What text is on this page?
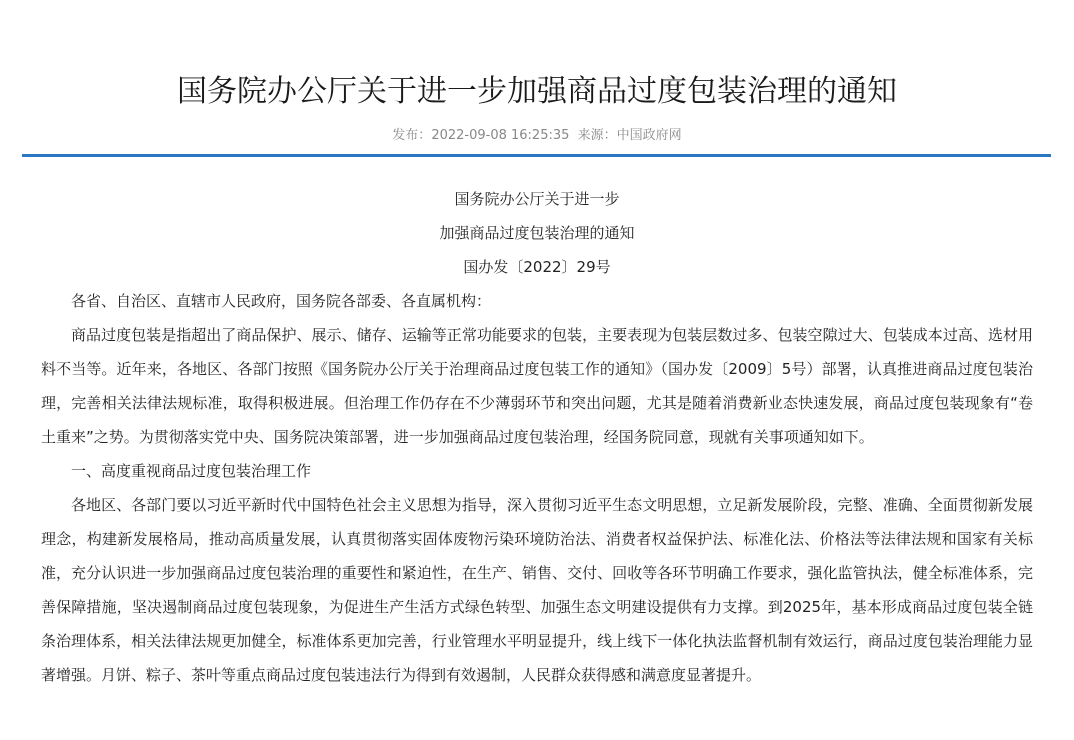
国务院办公厅关于进一步加强商品过度包装治理的通知
发布：2022-09-08 16:25:35 来源：中国政府网

国务院办公厅关于进一步

加强商品过度包装治理的通知

国办发〔2022〕29号

各省、自治区、直辖市人民政府，国务院各部委、各直属机构：

商品过度包装是指超出了商品保护、展示、储存、运输等正常功能要求的包装，主要表现为包装层数过多、包装空隙过大、包装成本过高、选材用料不当等。近年来，各地区、各部门按照《国务院办公厅关于治理商品过度包装工作的通知》（国办发〔2009〕5号）部署，认真推进商品过度包装治理，完善相关法律法规标准，取得积极进展。但治理工作仍存在不少薄弱环节和突出问题，尤其是随着消费新业态快速发展，商品过度包装现象有“卷土重来”之势。为贯彻落实党中央、国务院决策部署，进一步加强商品过度包装治理，经国务院同意，现就有关事项通知如下。

一、高度重视商品过度包装治理工作

各地区、各部门要以习近平新时代中国特色社会主义思想为指导，深入贯彻习近平生态文明思想，立足新发展阶段，完整、准确、全面贯彻新发展理念，构建新发展格局，推动高质量发展，认真贯彻落实固体废物污染环境防治法、消费者权益保护法、标准化法、价格法等法律法规和国家有关标准，充分认识进一步加强商品过度包装治理的重要性和紧迫性，在生产、销售、交付、回收等各环节明确工作要求，强化监管执法，健全标准体系，完善保障措施，坚决遏制商品过度包装现象，为促进生产生活方式绿色转型、加强生态文明建设提供有力支撑。到2025年，基本形成商品过度包装全链条治理体系，相关法律法规更加健全，标准体系更加完善，行业管理水平明显提升，线上线下一体化执法监督机制有效运行，商品过度包装治理能力显著增强。月饼、粽子、茶叶等重点商品过度包装违法行为得到有效遏制，人民群众获得感和满意度显著提升。
